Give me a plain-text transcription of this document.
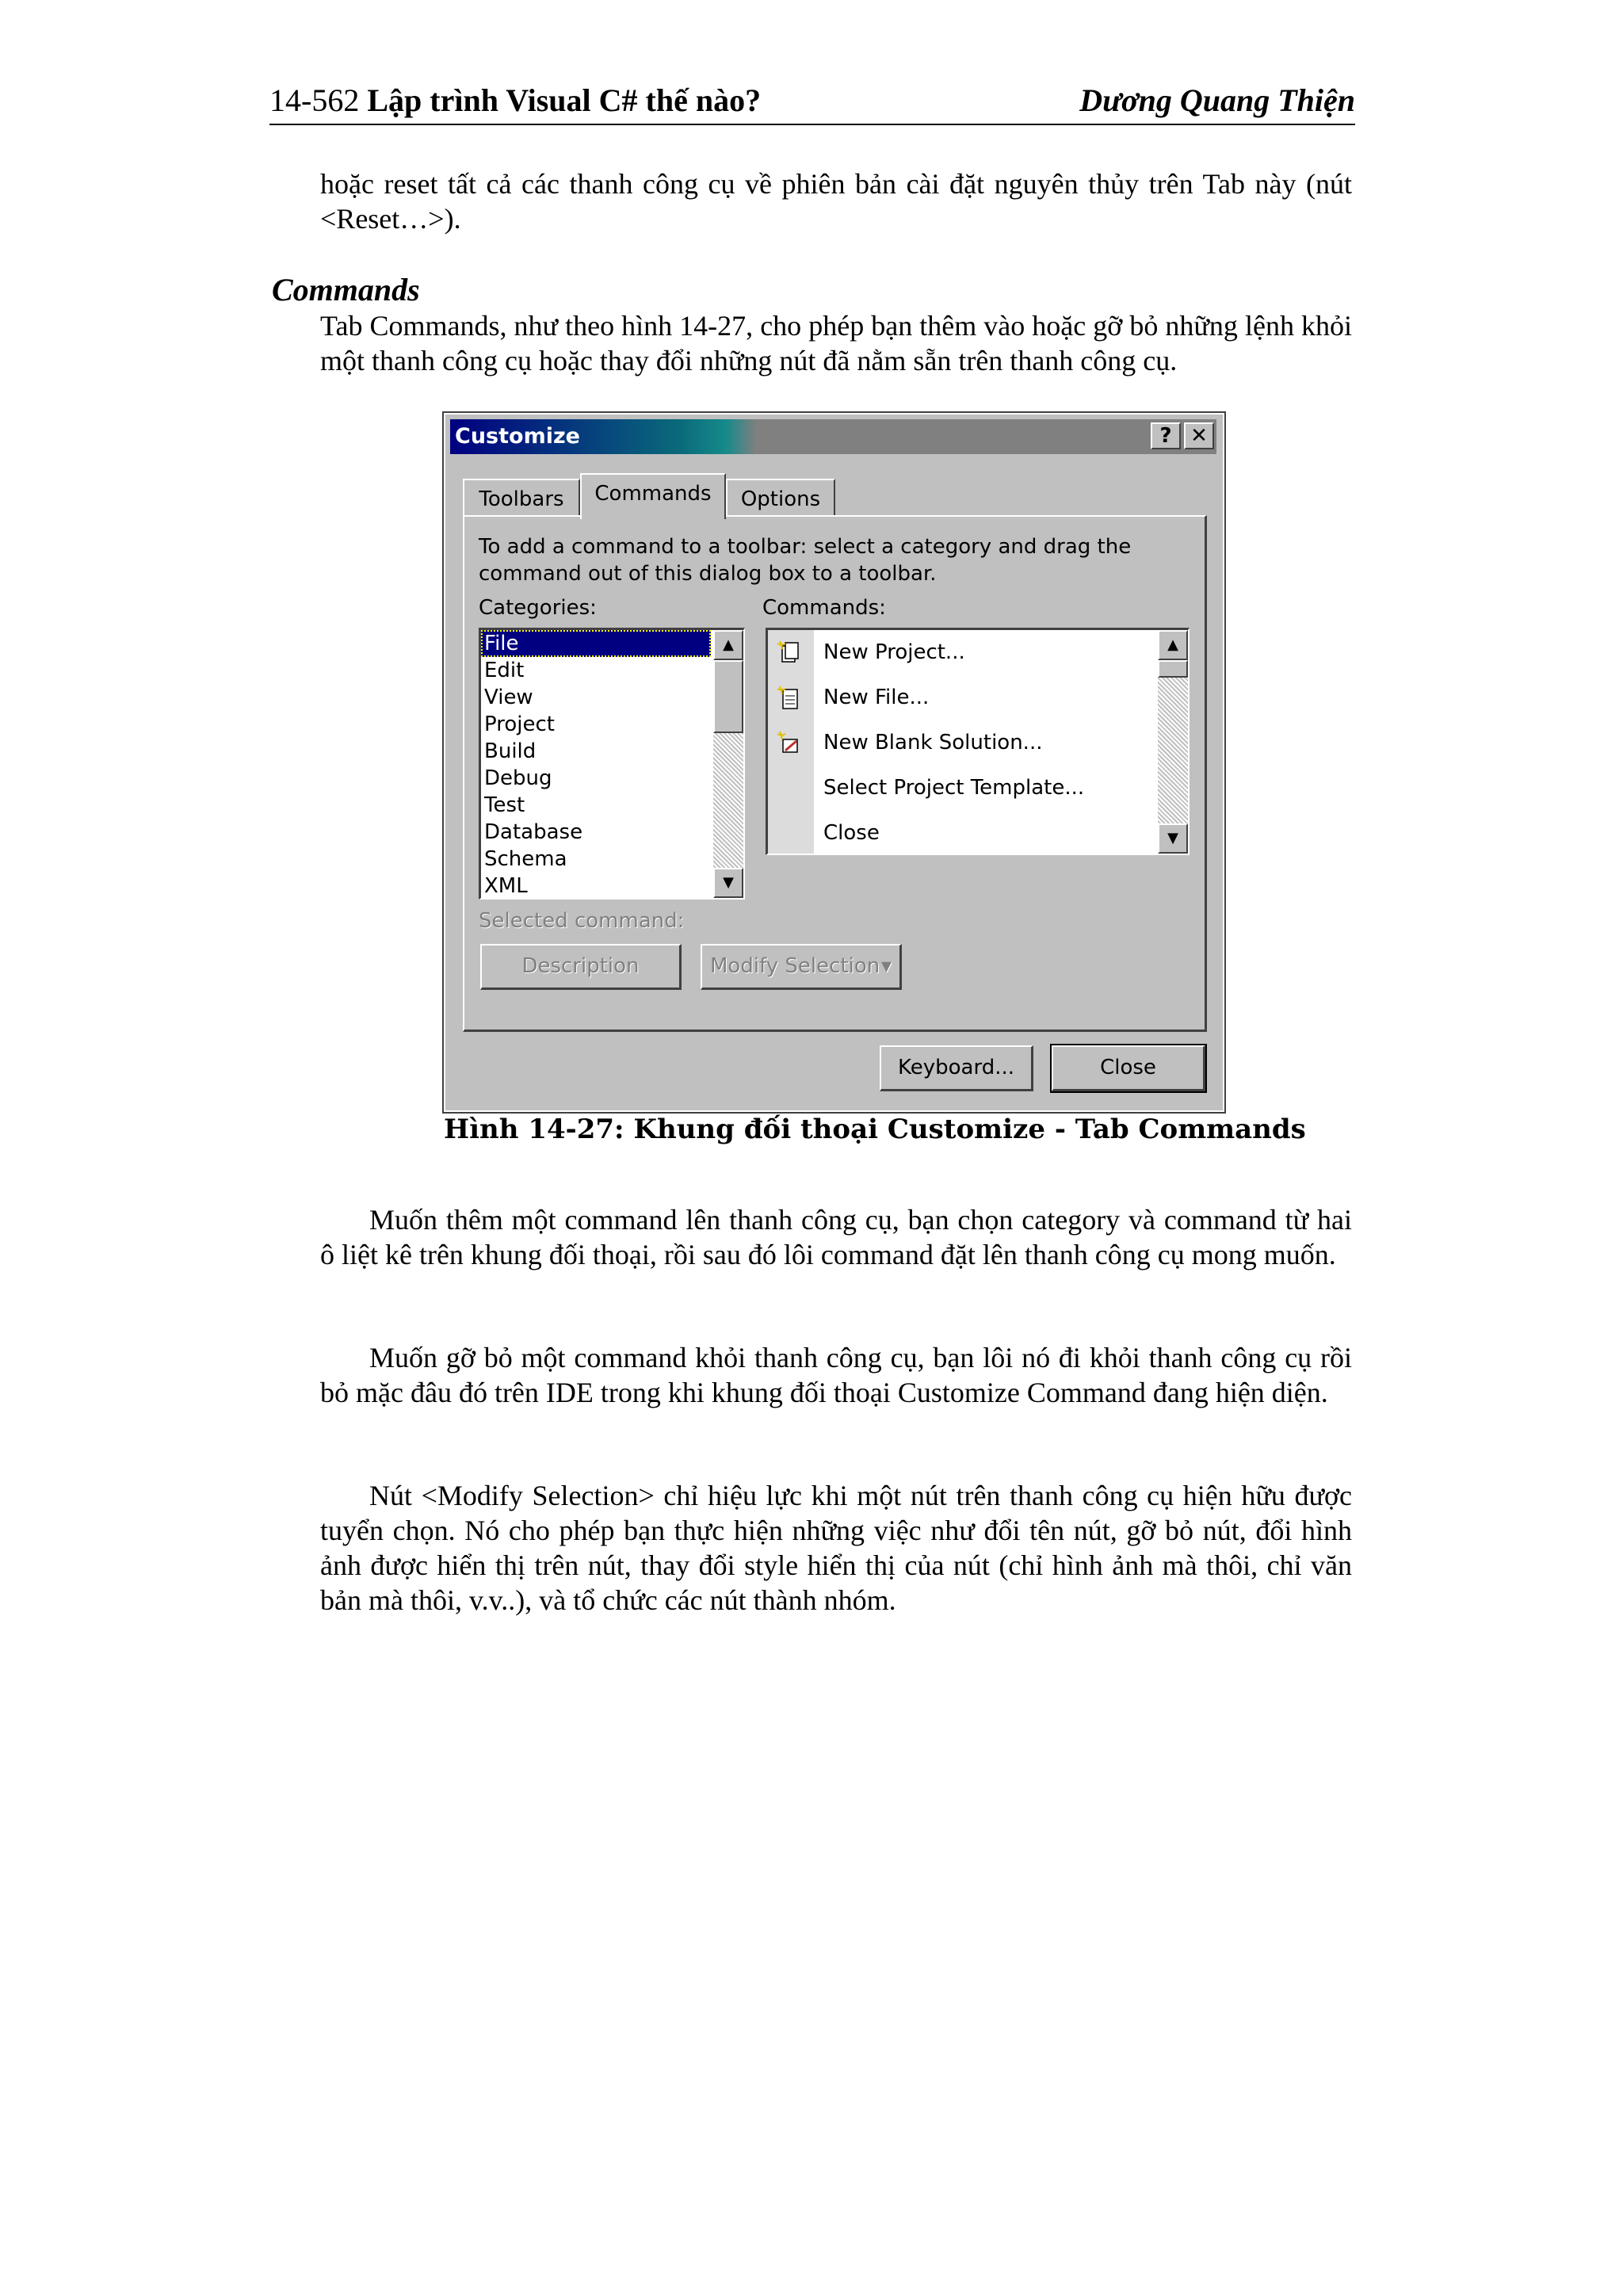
14-562 Lập trình Visual C# thế nào?	Dương Quang Thiện
hoặc reset tất cả các thanh công cụ về phiên bản cài đặt nguyên thủy trên Tab này (nút <Reset…>).
Commands
Tab Commands, như theo hình 14-27, cho phép bạn thêm vào hoặc gỡ bỏ những lệnh khỏi một thanh công cụ hoặc thay đổi những nút đã nằm sẵn trên thanh công cụ.
Customize	? ✕
Toolbars	Commands	Options
To add a command to a toolbar: select a category and drag the
command out of this dialog box to a toolbar.
Categories:	Commands:
File
Edit
View
Project
Build
Debug
Test
Database
Schema
XML
▲
▼
New Project...
New File...
New Blank Solution...
Select Project Template...
Close
▲
▼
Selected command:
Description	Modify Selection ▾
Keyboard...	Close
Hình 14-27: Khung đối thoại Customize - Tab Commands
Muốn thêm một command lên thanh công cụ, bạn chọn category và command từ hai ô liệt kê trên khung đối thoại, rồi sau đó lôi command đặt lên thanh công cụ mong muốn.
Muốn gỡ bỏ một command khỏi thanh công cụ, bạn lôi nó đi khỏi thanh công cụ rồi bỏ mặc đâu đó trên IDE trong khi khung đối thoại Customize Command đang hiện diện.
Nút <Modify Selection> chỉ hiệu lực khi một nút trên thanh công cụ hiện hữu được tuyển chọn. Nó cho phép bạn thực hiện những việc như đổi tên nút, gỡ bỏ nút, đổi hình ảnh được hiển thị trên nút, thay đổi style hiển thị của nút (chỉ hình ảnh mà thôi, chỉ văn bản mà thôi, v.v..), và tổ chức các nút thành nhóm.
